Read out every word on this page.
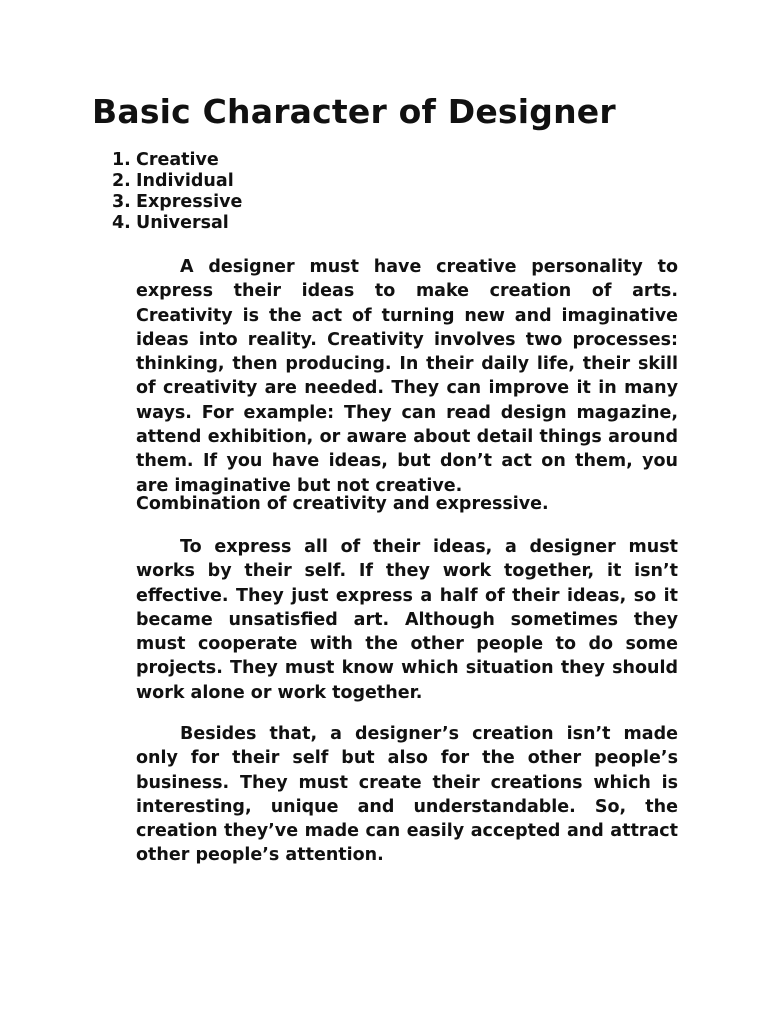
Basic Character of Designer
1. Creative
2. Individual
3. Expressive
4. Universal

A designer must have creative personality to express their ideas to make creation of arts. Creativity is the act of turning new and imaginative ideas into reality. Creativity involves two processes: thinking, then producing. In their daily life, their skill of creativity are needed. They can improve it in many ways. For example: They can read design magazine, attend exhibition, or aware about detail things around them. If you have ideas, but don’t act on them, you are imaginative but not creative.

Combination of creativity and expressive.

To express all of their ideas, a designer must works by their self. If they work together, it isn’t effective. They just express a half of their ideas, so it became unsatisfied art. Although sometimes they must cooperate with the other people to do some projects. They must know which situation they should work alone or work together.

Besides that, a designer’s creation isn’t made only for their self but also for the other people’s business. They must create their creations which is interesting, unique and understandable. So, the creation they’ve made can easily accepted and attract other people’s attention.
